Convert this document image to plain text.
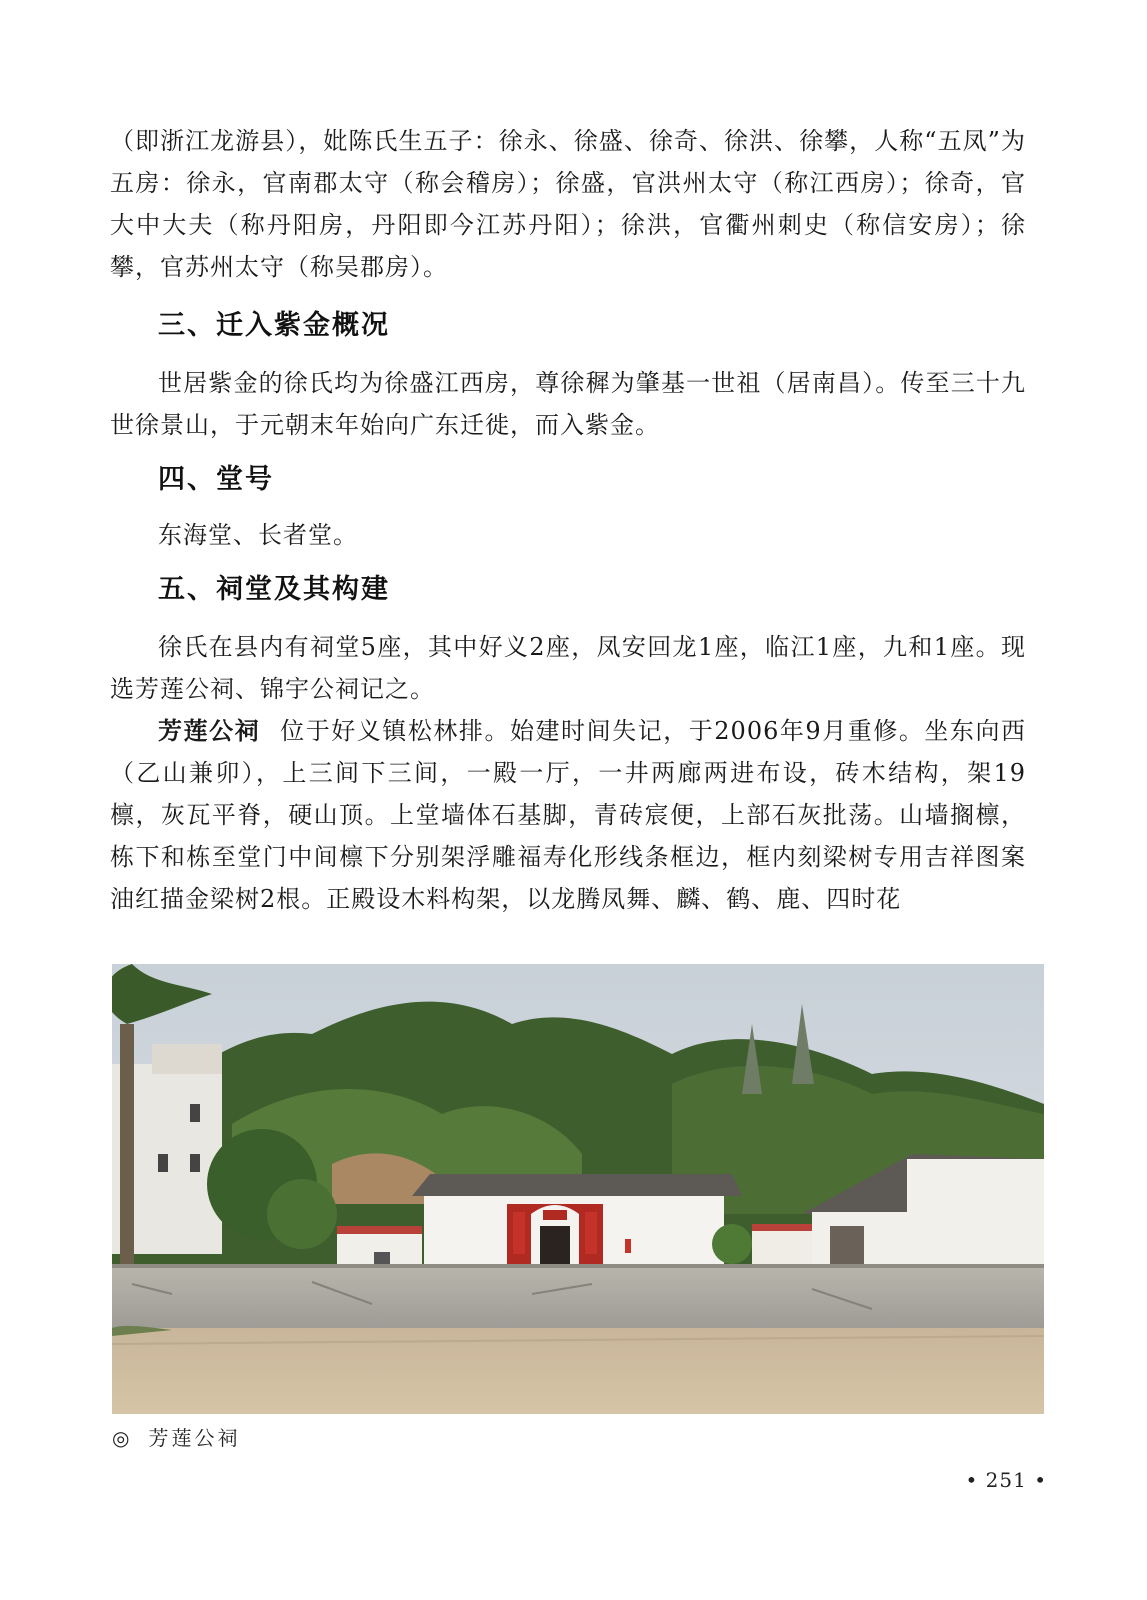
（即浙江龙游县），妣陈氏生五子：徐永、徐盛、徐奇、徐洪、徐攀，人称“五凤”为五房：徐永，官南郡太守（称会稽房）；徐盛，官洪州太守（称江西房）；徐奇，官大中大夫（称丹阳房，丹阳即今江苏丹阳）；徐洪，官衢州刺史（称信安房）；徐攀，官苏州太守（称吴郡房）。

三、迁入紫金概况

世居紫金的徐氏均为徐盛江西房，尊徐穉为肇基一世祖（居南昌）。传至三十九世徐景山，于元朝末年始向广东迁徙，而入紫金。

四、堂号

东海堂、长者堂。

五、祠堂及其构建

徐氏在县内有祠堂5座，其中好义2座，凤安回龙1座，临江1座，九和1座。现选芳莲公祠、锦宇公祠记之。

芳莲公祠 位于好义镇松林排。始建时间失记，于2006年9月重修。坐东向西（乙山兼卯），上三间下三间，一殿一厅，一井两廊两进布设，砖木结构，架19檩，灰瓦平脊，硬山顶。上堂墙体石基脚，青砖宸便，上部石灰批荡。山墙搁檩，栋下和栋至堂门中间檩下分别架浮雕福寿化形线条框边，框内刻梁树专用吉祥图案油红描金梁树2根。正殿设木料构架，以龙腾凤舞、麟、鹤、鹿、四时花

◎ 芳莲公祠
• 251 •
